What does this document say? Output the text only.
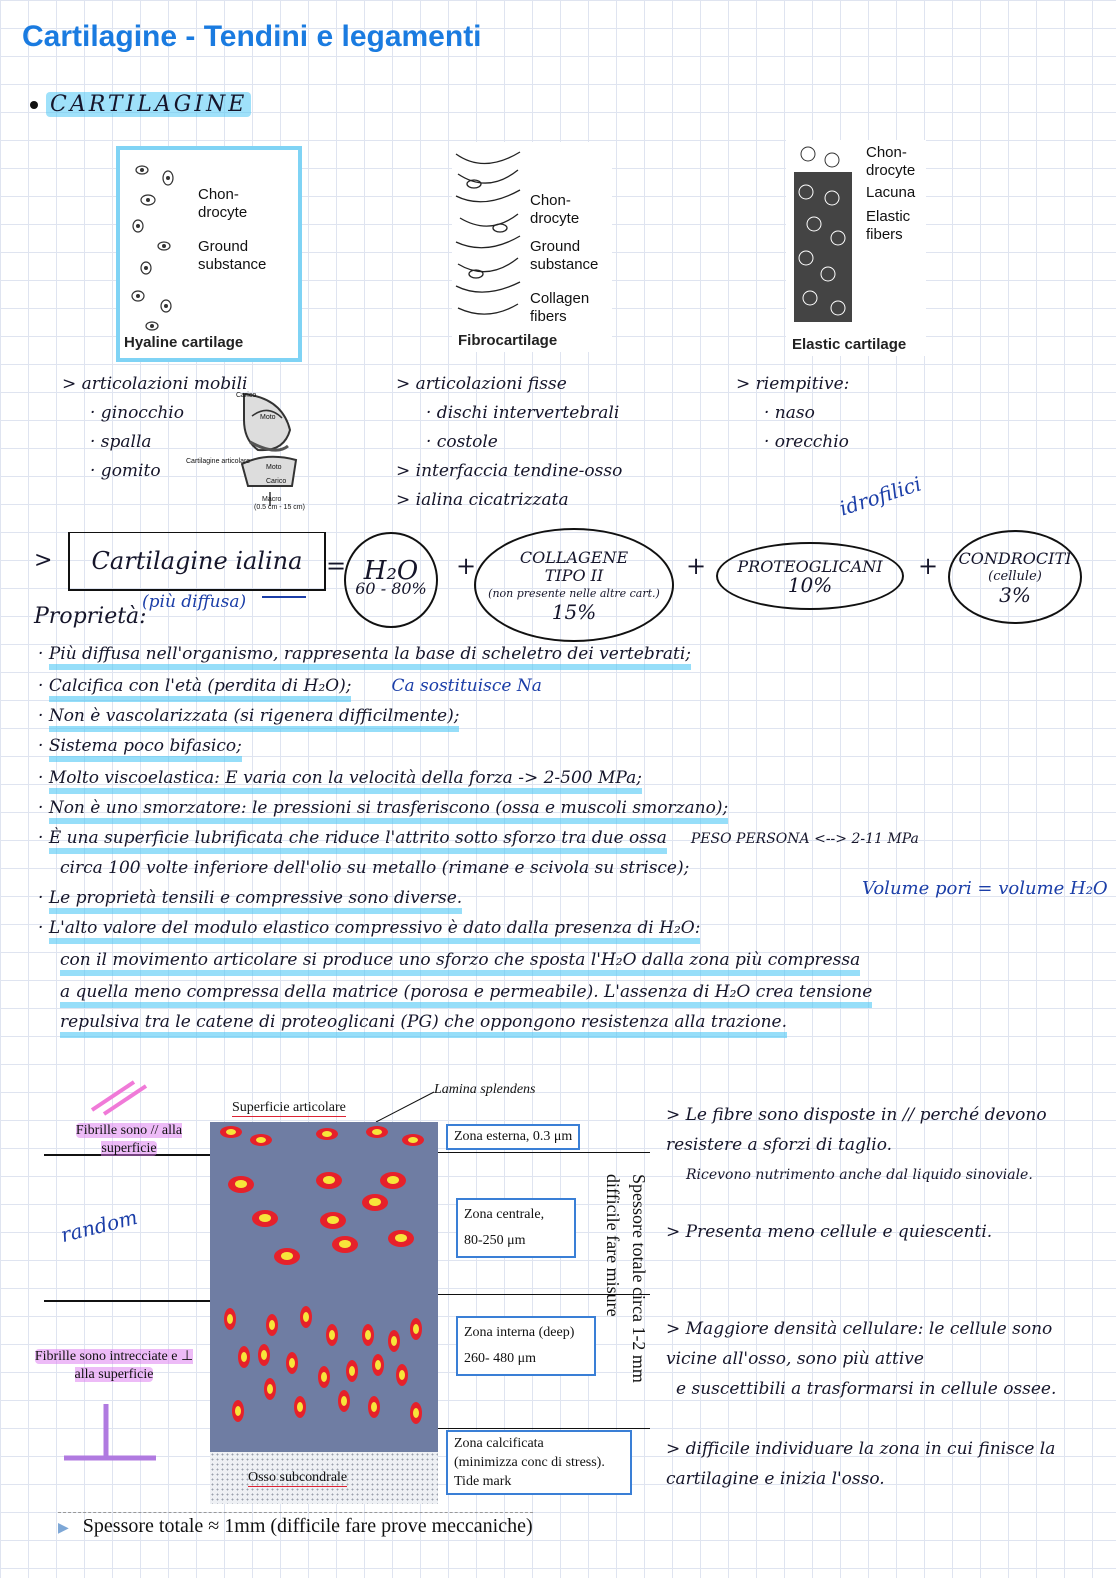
Cartilagine - Tendini e legamenti
CARTILAGINE
Chon-
drocyte
Ground
substance
Hyaline cartilage
Chon-
drocyte
Ground
substance
Collagen
fibers
Fibrocartilage
Chon-
drocyte
Lacuna
Elastic
fibers
Elastic cartilage
> articolazioni mobili
· ginocchio
· spalla
· gomito
Carico
Moto
Cartilagine articolare
Moto
Carico
Macro
(0.5 cm - 15 cm)
> articolazioni fisse
· dischi intervertebrali
· costole
> interfaccia tendine-osso
> ialina cicatrizzata
> riempitive:
· naso
· orecchio
>	Cartilagine ialina
(più diffusa)
= H₂O
60 - 80%
+	COLLAGENE TIPO II
(non presente nelle altre cart.)
15%
+ PROTEOGLICANI
10%
idrofilici
+ CONDROCITI
(cellule)
3%
Proprietà:
· Più diffusa nell'organismo, rappresenta la base di scheletro dei vertebrati;
· Calcifica con l'età (perdita di H₂O); Ca sostituisce Na
· Non è vascolarizzata (si rigenera difficilmente);
· Sistema poco bifasico;
· Molto viscoelastica: E varia con la velocità della forza -> 2-500 MPa;
· Non è uno smorzatore: le pressioni si trasferiscono (ossa e muscoli smorzano);
· È una superficie lubrificata che riduce l'attrito sotto sforzo tra due ossa PESO PERSONA <--> 2-11 MPa
circa 100 volte inferiore dell'olio su metallo (rimane e scivola su strisce);
· Le proprietà tensili e compressive sono diverse.	Volume pori = volume H₂O
· L'alto valore del modulo elastico compressivo è dato dalla presenza di H₂O:
con il movimento articolare si produce uno sforzo che sposta l'H₂O dalla zona più compressa
a quella meno compressa della matrice (porosa e permeabile). L'assenza di H₂O crea tensione
repulsiva tra le catene di proteoglicani (PG) che oppongono resistenza alla trazione.
Lamina splendens
Superficie articolare
Zona esterna, 0.3 μm
Zona centrale,
80-250 μm
Zona interna (deep)
260- 480 μm
Zona calcificata
(minimizza conc di stress).
Tide mark
Osso subcondrale
Spessore totale circa 1-2 mm
difficile fare misure
Fibrille sono // alla superficie
random
Fibrille sono intrecciate e ⊥ alla superficie
▶ Spessore totale ≈ 1mm (difficile fare prove meccaniche)
> Le fibre sono disposte in // perché devono resistere a sforzi di taglio.
Ricevono nutrimento anche dal liquido sinoviale.
> Presenta meno cellule e quiescenti.
> Maggiore densità cellulare: le cellule sono vicine all'osso, sono più attive
e suscettibili a trasformarsi in cellule ossee.
> difficile individuare la zona in cui finisce la cartilagine e inizia l'osso.
